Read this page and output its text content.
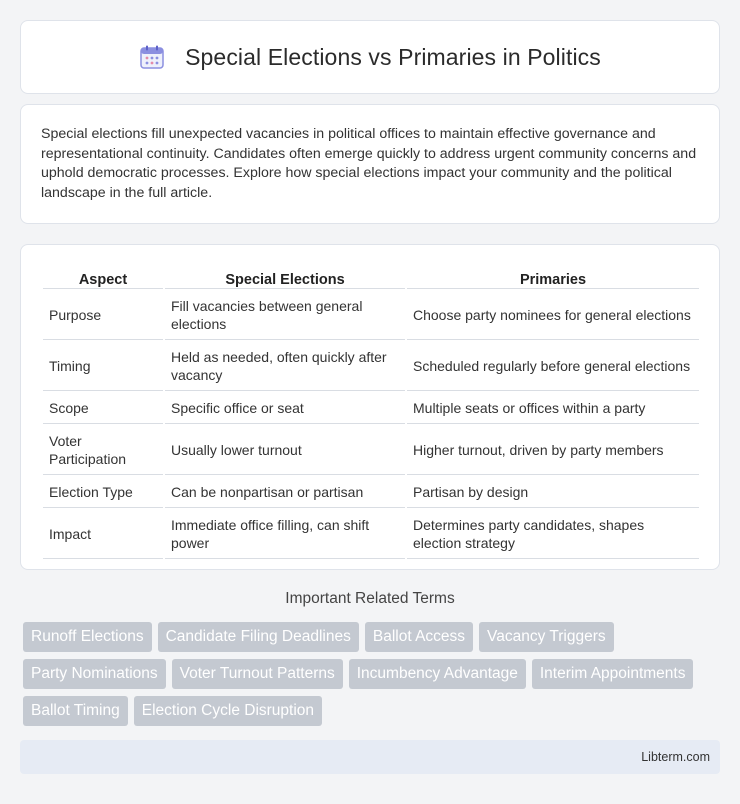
Special Elections vs Primaries in Politics

Special elections fill unexpected vacancies in political offices to maintain effective governance and representational continuity. Candidates often emerge quickly to address urgent community concerns and uphold democratic processes. Explore how special elections impact your community and the political landscape in the full article.

Aspect	Special Elections	Primaries
Purpose	Fill vacancies between general elections	Choose party nominees for general elections
Timing	Held as needed, often quickly after vacancy	Scheduled regularly before general elections
Scope	Specific office or seat	Multiple seats or offices within a party
Voter Participation	Usually lower turnout	Higher turnout, driven by party members
Election Type	Can be nonpartisan or partisan	Partisan by design
Impact	Immediate office filling, can shift power	Determines party candidates, shapes election strategy
Important Related Terms
Runoff Elections	Candidate Filing Deadlines	Ballot Access	Vacancy Triggers
Party Nominations	Voter Turnout Patterns	Incumbency Advantage	Interim Appointments
Ballot Timing	Election Cycle Disruption
Libterm.com
